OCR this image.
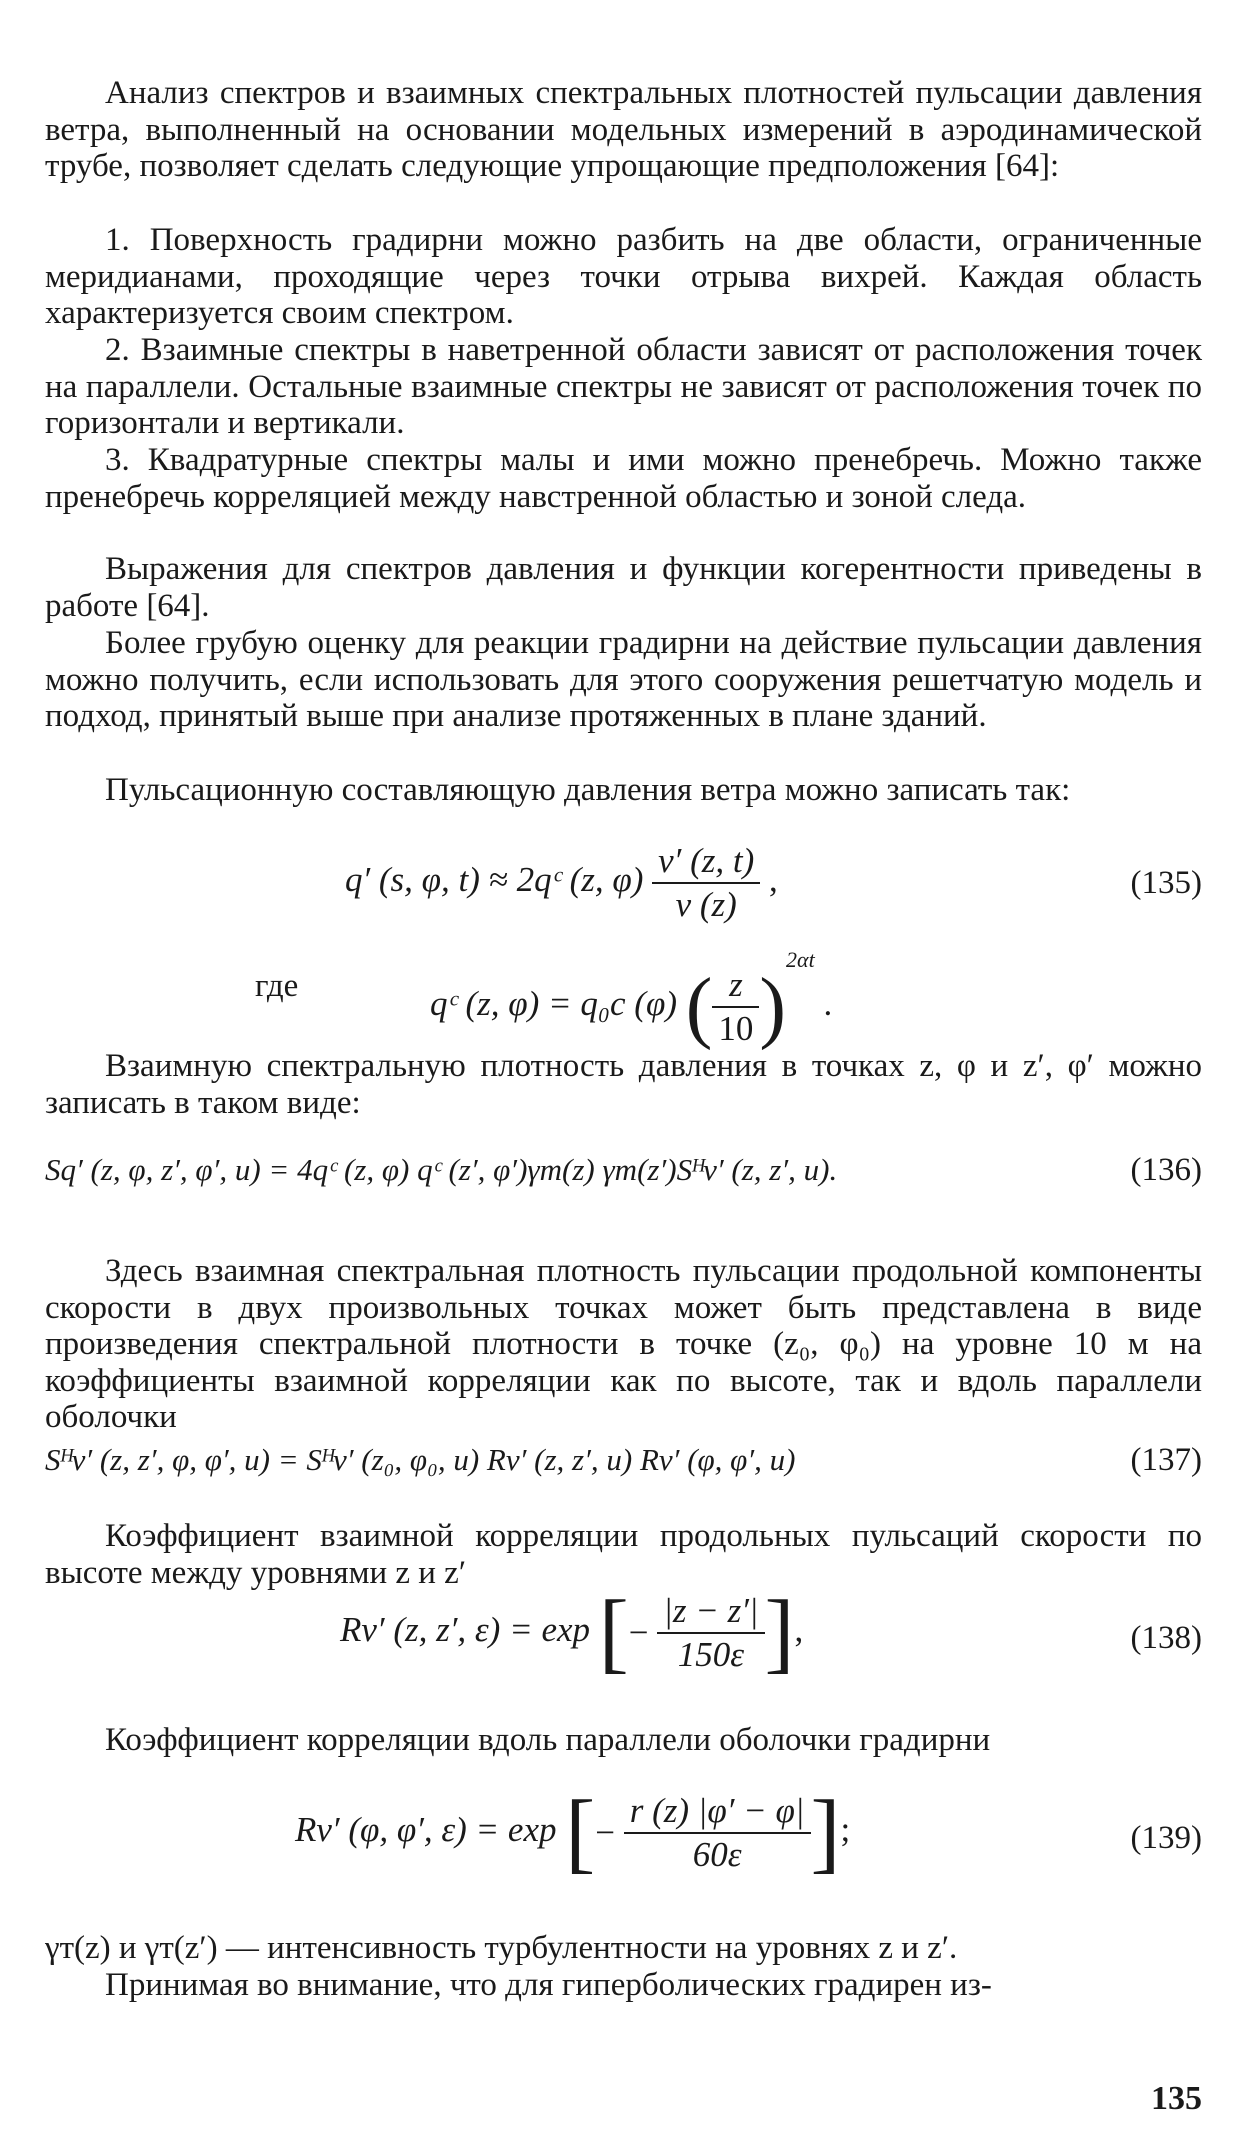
Анализ спектров и взаимных спектральных плотностей пульсации давления ветра, выполненный на основании модельных измерений в аэродинамической трубе, позволяет сделать следующие упрощающие предположения [64]:

1. Поверхность градирни можно разбить на две области, ограниченные меридианами, проходящие через точки отрыва вихрей. Каждая область характеризуется своим спектром.

2. Взаимные спектры в наветренной области зависят от расположения точек на параллели. Остальные взаимные спектры не зависят от расположения точек по горизонтали и вертикали.

3. Квадратурные спектры малы и ими можно пренебречь. Можно также пренебречь корреляцией между навстренной областью и зоной следа.

Выражения для спектров давления и функции когерентности приведены в работе [64].

Более грубую оценку для реакции градирни на действие пульсации давления можно получить, если использовать для этого сооружения решетчатую модель и подход, принятый выше при анализе протяженных в плане зданий.

Пульсационную составляющую давления ветра можно записать так:

q′ (s, φ, t) ≈ 2qᶜ (z, $\varphi) \frac{v' (z, t)}{v (z)}$ ,	(135)
где	qᶜ (z, φ) = q₀c (φ) ( $\frac{z}{10} )^{2\alpha t}$ .

Взаимную спектральную плотность давления в точках z, φ и z′, φ′ можно записать в таком виде:

Sq′ (z, φ, z′, φ′, u) = 4qᶜ (z, φ) qᶜ (z′, φ′)γт(z) γт(z′)Sᴴv′ (z, z′, u).	(136)

Здесь взаимная спектральная плотность пульсации продольной компоненты скорости в двух произвольных точках может быть представлена в виде произведения спектральной плотности в точке (z₀, φ₀) на уровне 10 м на коэффициенты взаимной корреляции как по высоте, так и вдоль параллели оболочки

Sᴴv′ (z, z′, φ, φ′, u) = Sᴴv′ (z₀, φ₀, u) Rv′ (z, z′, u) Rv′ (φ, φ′, u)	(137)

Коэффициент взаимной корреляции продольных пульсаций скорости по высоте между уровнями z и z′

Rv′ (z, z′, ε) = exp [− $\frac{|z - z'|}{150\varepsilon}$ ],	(138)

Коэффициент корреляции вдоль параллели оболочки градирни

Rv′ (φ, φ′, ε) = exp [− $\frac{r (z) |\varphi' - \varphi|}{60\varepsilon}$ ];	(139)

γт(z) и γт(z′) — интенсивность турбулентности на уровнях z и z′.

Принимая во внимание, что для гиперболических градирен из-

135
